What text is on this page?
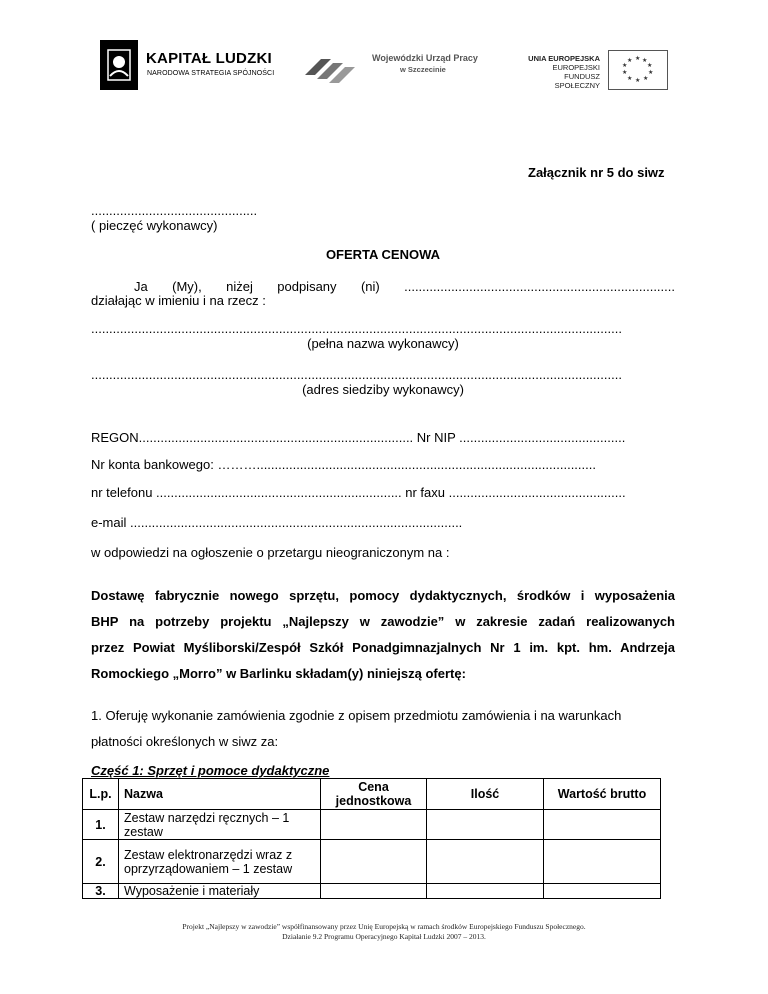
KAPITAŁ LUDZKI
NARODOWA STRATEGIA SPÓJNOŚCI
Wojewódzki Urząd Pracy
w Szczecinie
UNIA EUROPEJSKA
EUROPEJSKI
FUNDUSZ SPOŁECZNY
★ ★
★
★
★
★
★
★
★
★
Załącznik nr 5 do siwz
..............................................
( pieczęć wykonawcy)
OFERTA CENOWA
Ja (My), niżej podpisany (ni) ...........................................................................
działając w imieniu i na rzecz :
...................................................................................................................................................
(pełna nazwa wykonawcy)
...................................................................................................................................................
(adres siedziby wykonawcy)
REGON............................................................................ Nr NIP ..............................................
Nr konta bankowego: ………..............................................................................................
nr telefonu .................................................................... nr faxu .................................................
e-mail ............................................................................................
w odpowiedzi na ogłoszenie o przetargu nieograniczonym na :
Dostawę fabrycznie nowego sprzętu, pomocy dydaktycznych, środków i wyposażenia
BHP na potrzeby projektu „Najlepszy w zawodzie” w zakresie zadań realizowanych
przez Powiat Myśliborski/Zespół Szkół Ponadgimnazjalnych Nr 1 im. kpt. hm. Andrzeja
Romockiego „Morro” w Barlinku składam(y) niniejszą ofertę:
1. Oferuję wykonanie zamówienia zgodnie z opisem przedmiotu zamówienia i na warunkach
płatności określonych w siwz za:
Część 1: Sprzęt i pomoce dydaktyczne
L.p.	Nazwa	Cena jednostkowa	Ilość	Wartość brutto
1.	Zestaw narzędzi ręcznych – 1 zestaw			
2.	Zestaw elektronarzędzi wraz z oprzyrządowaniem – 1 zestaw			
3.	Wyposażenie i materiały			
Projekt „Najlepszy w zawodzie” współfinansowany przez Unię Europejską w ramach środków Europejskiego Funduszu Społecznego.
Działanie 9.2 Programu Operacyjnego Kapitał Ludzki 2007 – 2013.
